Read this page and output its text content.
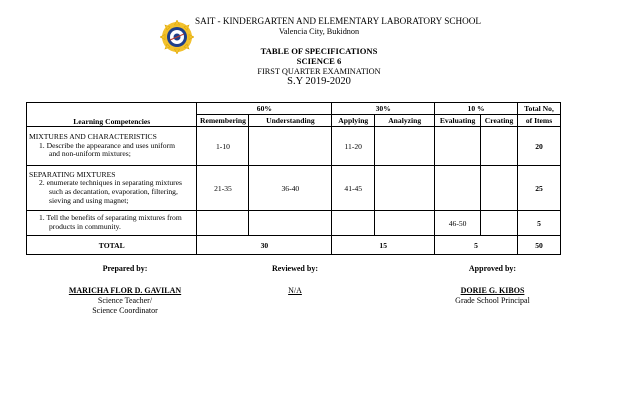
SAIT - KINDERGARTEN AND ELEMENTARY LABORATORY SCHOOL
Valencia City, Bukidnon
TABLE OF SPECIFICATIONS
SCIENCE 6
FIRST QUARTER EXAMINATION
S.Y 2019-2020
Learning Competencies	60%		30%		10 %		Total No,
	Remembering	Understanding	Applying	Analyzing	Evaluating	Creating	of Items

MIXTURES AND CHARACTERISTICS
1. Describe the appearance and uses uniform
and non-uniform mixtures;	1-10		11-20				20

SEPARATING MIXTURES
2. enumerate techniques in separating mixtures
such as decantation, evaporation, filtering,
sieving and using magnet;	21-35	36-40	41-45				25

1. Tell the benefits of separating mixtures from
products in community.					46-50		5
TOTAL	30		15		5		50
Prepared by:
MARICHA FLOR D. GAVILAN
Science Teacher/
Science Coordinator
Reviewed by:
N/A
Approved by:
DORIE G. KIBOS
Grade School Principal
